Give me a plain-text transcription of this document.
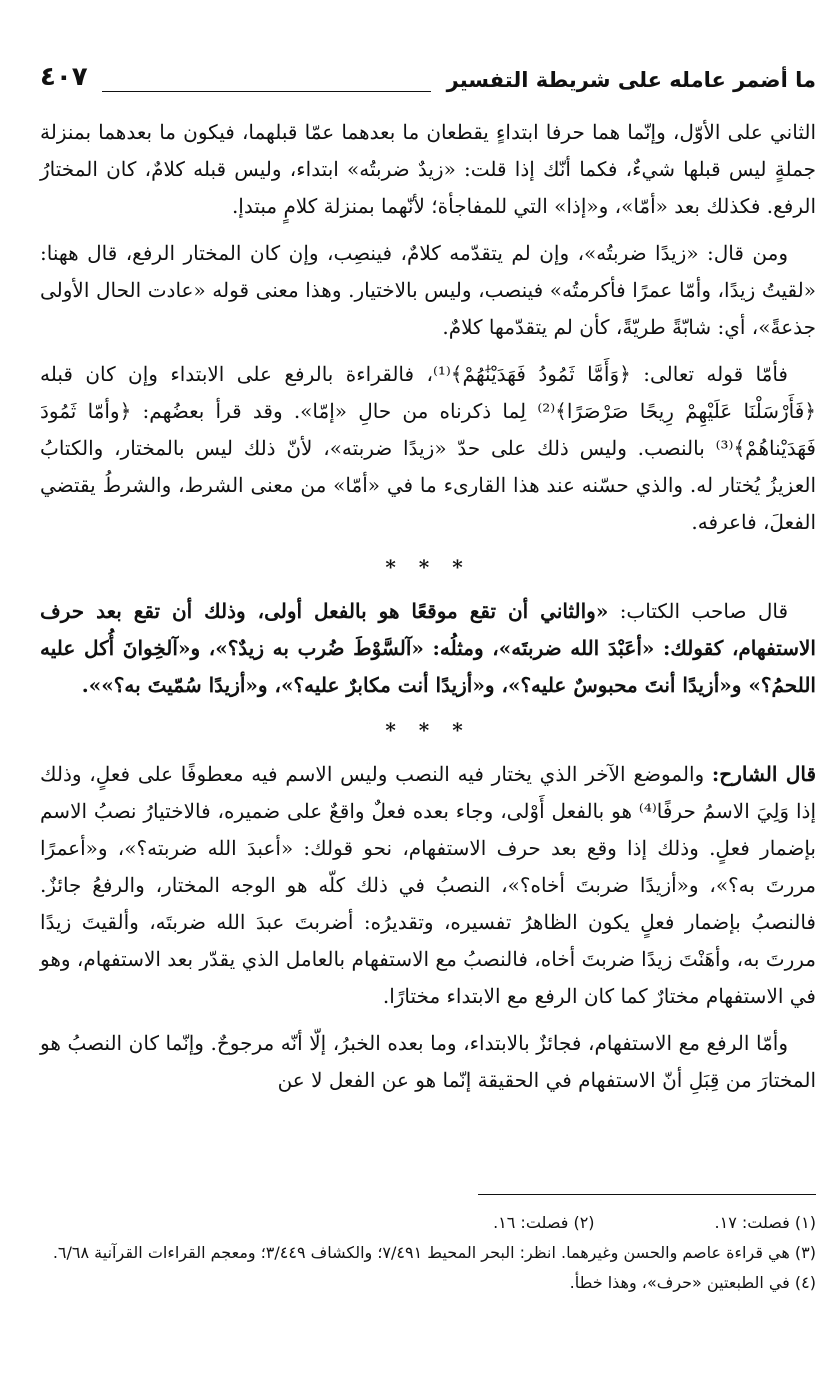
ما أضمر عامله على شريطة التفسير
٤٠٧

الثاني على الأوّل، وإنّما هما حرفا ابتداءٍ يقطعان ما بعدهما عمّا قبلهما، فيكون ما بعدهما بمنزلة جملةٍ ليس قبلها شيءٌ، فكما أنّك إذا قلت: «زيدٌ ضربتُه» ابتداء، وليس قبله كلامٌ، كان المختارُ الرفع. فكذلك بعد «أمّا»، و«إذا» التي للمفاجأة؛ لأنّهما بمنزلة كلامٍ مبتدإ.

ومن قال: «زيدًا ضربتُه»، وإن لم يتقدّمه كلامٌ، فينصِب، وإن كان المختار الرفع، قال ههنا: «لقيتُ زيدًا، وأمّا عمرًا فأكرمتُه» فينصب، وليس بالاختيار. وهذا معنى قوله «عادت الحال الأولى جذعةً»، أي: شابّةً طريّةً، كأن لم يتقدّمها كلامٌ.

فأمّا قوله تعالى: ﴿وَأَمَّا ثَمُودُ فَهَدَيْنَٰهُمْ﴾⁽¹⁾، فالقراءة بالرفع على الابتداء وإن كان قبله ﴿فَأَرْسَلْنَا عَلَيْهِمْ رِيحًا صَرْصَرًا﴾⁽²⁾ لِما ذكرناه من حالِ «إمّا». وقد قرأ بعضُهم: ﴿وأمّا ثَمُودَ فَهَدَيْناهُمْ﴾⁽³⁾ بالنصب. وليس ذلك على حدّ «زيدًا ضربته»، لأنّ ذلك ليس بالمختار، والكتابُ العزيزُ يُختار له. والذي حسّنه عند هذا القارىء ما في «أمّا» من معنى الشرط، والشرطُ يقتضي الفعلَ، فاعرفه.

* * *

قال صاحب الكتاب: «والثاني أن تقع موقعًا هو بالفعل أولى، وذلك أن تقع بعد حرف الاستفهام، كقولك: «أعَبْدَ الله ضربتَه»، ومثلُه: «آلسَّوْطَ ضُرب به زيدٌ؟»، و«آلخِوانَ أُكل عليه اللحمُ؟» و«أزيدًا أنتَ محبوسٌ عليه؟»، و«أزيدًا أنت مكابرٌ عليه؟»، و«أزيدًا سُمّيتَ به؟»».

* * *

قال الشارح: والموضع الآخر الذي يختار فيه النصب وليس الاسم فيه معطوفًا على فعلٍ، وذلك إذا وَلِيَ الاسمُ حرفًا⁽⁴⁾ هو بالفعل أَوْلى، وجاء بعده فعلٌ واقعٌ على ضميره، فالاختيارُ نصبُ الاسم بإضمار فعلٍ. وذلك إذا وقع بعد حرف الاستفهام، نحو قولك: «أعبدَ الله ضربته؟»، و«أعمرًا مررتَ به؟»، و«أزيدًا ضربتَ أخاه؟»، النصبُ في ذلك كلّه هو الوجه المختار، والرفعُ جائزٌ. فالنصبُ بإضمار فعلٍ يكون الظاهرُ تفسيره، وتقديرُه: أضربتَ عبدَ الله ضربتَه، وألقيتَ زيدًا مررتَ به، وأهَنْتَ زيدًا ضربتَ أخاه، فالنصبُ مع الاستفهام بالعامل الذي يقدّر بعد الاستفهام، وهو في الاستفهام مختارٌ كما كان الرفع مع الابتداء مختارًا.

وأمّا الرفع مع الاستفهام، فجائزٌ بالابتداء، وما بعده الخبرُ، إلّا أنّه مرجوحٌ. وإنّما كان النصبُ هو المختارَ من قِبَلِ أنّ الاستفهام في الحقيقة إنّما هو عن الفعل لا عن

(١) فصلت: ١٧.
(٢) فصلت: ١٦.

(٣) هي قراءة عاصم والحسن وغيرهما. انظر: البحر المحيط ٧/٤٩١؛ والكشاف ٣/٤٤٩؛ ومعجم القراءات القرآنية ٦/٦٨.

(٤) في الطبعتين «حرف»، وهذا خطأ.
